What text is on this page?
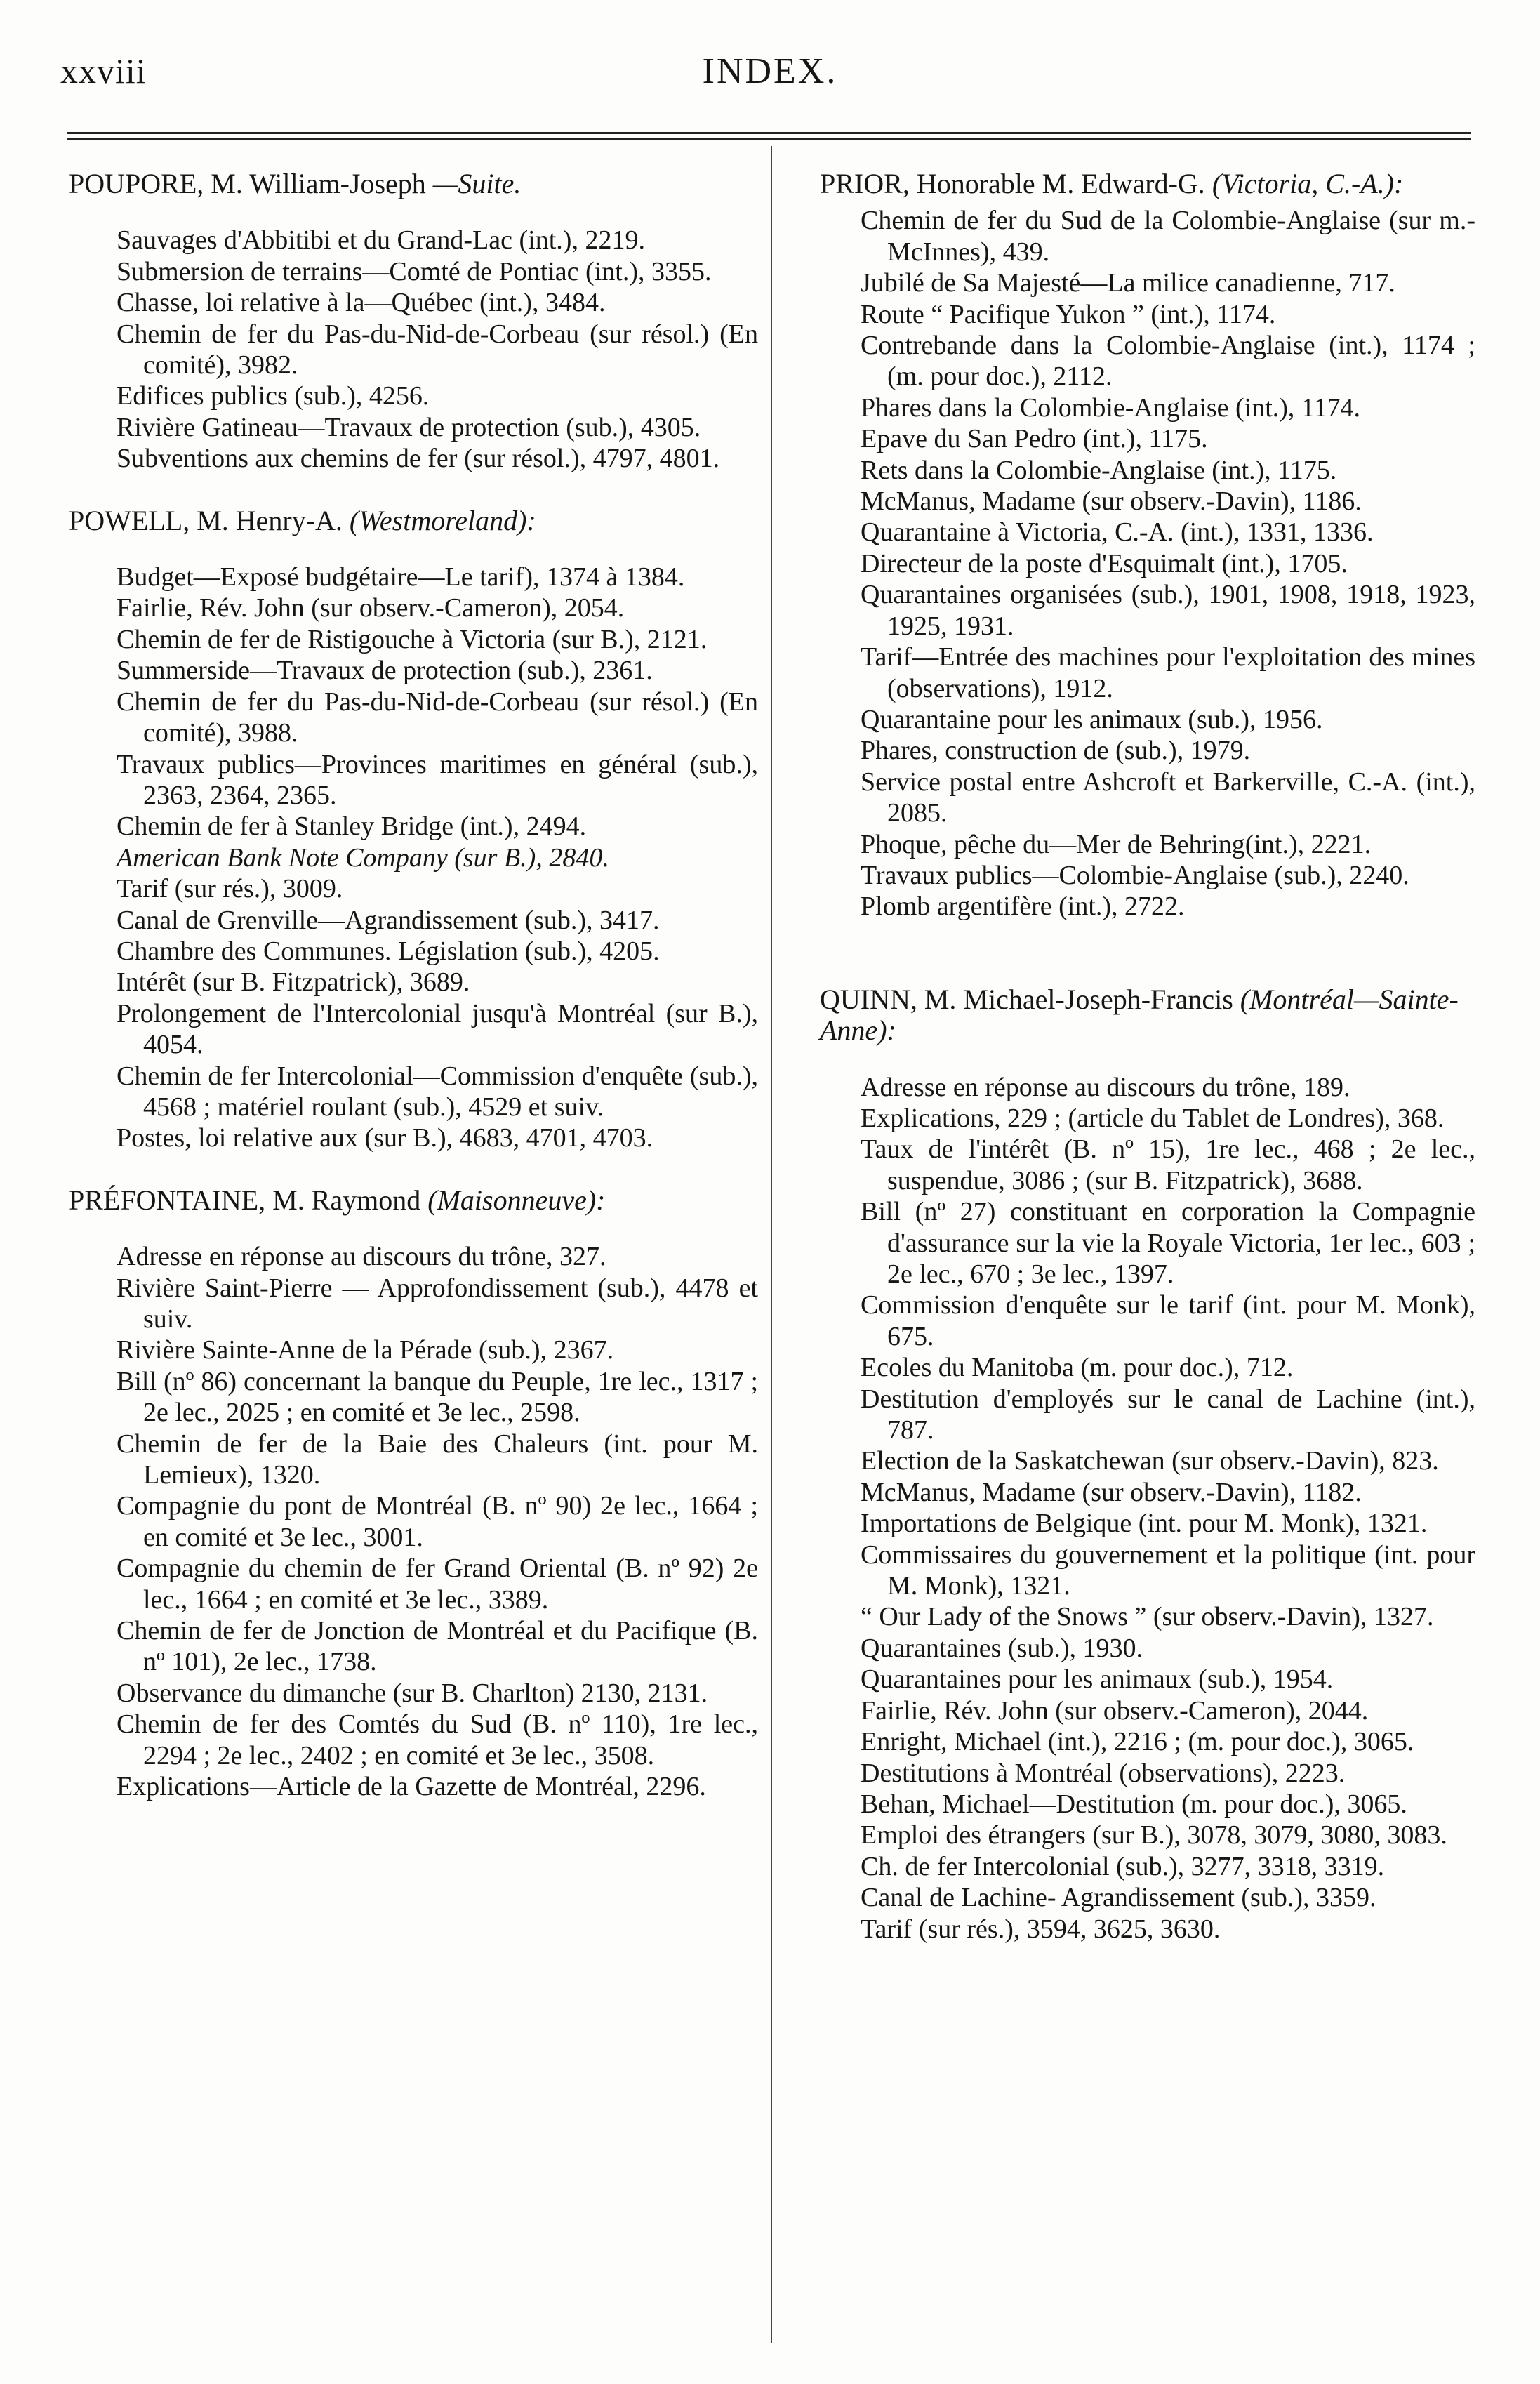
xxviii	INDEX.
POUPORE, M. William-Joseph —Suite.
Sauvages d'Abbitibi et du Grand-Lac (int.), 2219.
Submersion de terrains—Comté de Pontiac (int.), 3355.
Chasse, loi relative à la—Québec (int.), 3484.
Chemin de fer du Pas-du-Nid-de-Corbeau (sur résol.) (En comité), 3982.
Edifices publics (sub.), 4256.
Rivière Gatineau—Travaux de protection (sub.), 4305.
Subventions aux chemins de fer (sur résol.), 4797, 4801.
POWELL, M. Henry-A. (Westmoreland):
Budget—Exposé budgétaire—Le tarif), 1374 à 1384.
Fairlie, Rév. John (sur observ.-Cameron), 2054.
Chemin de fer de Ristigouche à Victoria (sur B.), 2121.
Summerside—Travaux de protection (sub.), 2361.
Chemin de fer du Pas-du-Nid-de-Corbeau (sur résol.) (En comité), 3988.
Travaux publics—Provinces maritimes en général (sub.), 2363, 2364, 2365.
Chemin de fer à Stanley Bridge (int.), 2494.
American Bank Note Company (sur B.), 2840.
Tarif (sur rés.), 3009.
Canal de Grenville—Agrandissement (sub.), 3417.
Chambre des Communes. Législation (sub.), 4205.
Intérêt (sur B. Fitzpatrick), 3689.
Prolongement de l'Intercolonial jusqu'à Montréal (sur B.), 4054.
Chemin de fer Intercolonial—Commission d'enquête (sub.), 4568 ; matériel roulant (sub.), 4529 et suiv.
Postes, loi relative aux (sur B.), 4683, 4701, 4703.
PRÉFONTAINE, M. Raymond (Maisonneuve):
Adresse en réponse au discours du trône, 327.
Rivière Saint-Pierre — Approfondissement (sub.), 4478 et suiv.
Rivière Sainte-Anne de la Pérade (sub.), 2367.
Bill (nº 86) concernant la banque du Peuple, 1re lec., 1317 ; 2e lec., 2025 ; en comité et 3e lec., 2598.
Chemin de fer de la Baie des Chaleurs (int. pour M. Lemieux), 1320.
Compagnie du pont de Montréal (B. nº 90) 2e lec., 1664 ; en comité et 3e lec., 3001.
Compagnie du chemin de fer Grand Oriental (B. nº 92) 2e lec., 1664 ; en comité et 3e lec., 3389.
Chemin de fer de Jonction de Montréal et du Pacifique (B. nº 101), 2e lec., 1738.
Observance du dimanche (sur B. Charlton) 2130, 2131.
Chemin de fer des Comtés du Sud (B. nº 110), 1re lec., 2294 ; 2e lec., 2402 ; en comité et 3e lec., 3508.
Explications—Article de la Gazette de Montréal, 2296.
PRIOR, Honorable M. Edward-G. (Victoria, C.-A.):
Chemin de fer du Sud de la Colombie-Anglaise (sur m.-McInnes), 439.
Jubilé de Sa Majesté—La milice canadienne, 717.
Route “ Pacifique Yukon ” (int.), 1174.
Contrebande dans la Colombie-Anglaise (int.), 1174 ; (m. pour doc.), 2112.
Phares dans la Colombie-Anglaise (int.), 1174.
Epave du San Pedro (int.), 1175.
Rets dans la Colombie-Anglaise (int.), 1175.
McManus, Madame (sur observ.-Davin), 1186.
Quarantaine à Victoria, C.-A. (int.), 1331, 1336.
Directeur de la poste d'Esquimalt (int.), 1705.
Quarantaines organisées (sub.), 1901, 1908, 1918, 1923, 1925, 1931.
Tarif—Entrée des machines pour l'exploitation des mines (observations), 1912.
Quarantaine pour les animaux (sub.), 1956.
Phares, construction de (sub.), 1979.
Service postal entre Ashcroft et Barkerville, C.-A. (int.), 2085.
Phoque, pêche du—Mer de Behring(int.), 2221.
Travaux publics—Colombie-Anglaise (sub.), 2240.
Plomb argentifère (int.), 2722.
QUINN, M. Michael-Joseph-Francis (Montréal—Sainte-Anne):
Adresse en réponse au discours du trône, 189.
Explications, 229 ; (article du Tablet de Londres), 368.
Taux de l'intérêt (B. nº 15), 1re lec., 468 ; 2e lec., suspendue, 3086 ; (sur B. Fitzpatrick), 3688.
Bill (nº 27) constituant en corporation la Compagnie d'assurance sur la vie la Royale Victoria, 1er lec., 603 ; 2e lec., 670 ; 3e lec., 1397.
Commission d'enquête sur le tarif (int. pour M. Monk), 675.
Ecoles du Manitoba (m. pour doc.), 712.
Destitution d'employés sur le canal de Lachine (int.), 787.
Election de la Saskatchewan (sur observ.-Davin), 823.
McManus, Madame (sur observ.-Davin), 1182.
Importations de Belgique (int. pour M. Monk), 1321.
Commissaires du gouvernement et la politique (int. pour M. Monk), 1321.
“ Our Lady of the Snows ” (sur observ.-Davin), 1327.
Quarantaines (sub.), 1930.
Quarantaines pour les animaux (sub.), 1954.
Fairlie, Rév. John (sur observ.-Cameron), 2044.
Enright, Michael (int.), 2216 ; (m. pour doc.), 3065.
Destitutions à Montréal (observations), 2223.
Behan, Michael—Destitution (m. pour doc.), 3065.
Emploi des étrangers (sur B.), 3078, 3079, 3080, 3083.
Ch. de fer Intercolonial (sub.), 3277, 3318, 3319.
Canal de Lachine- Agrandissement (sub.), 3359.
Tarif (sur rés.), 3594, 3625, 3630.
